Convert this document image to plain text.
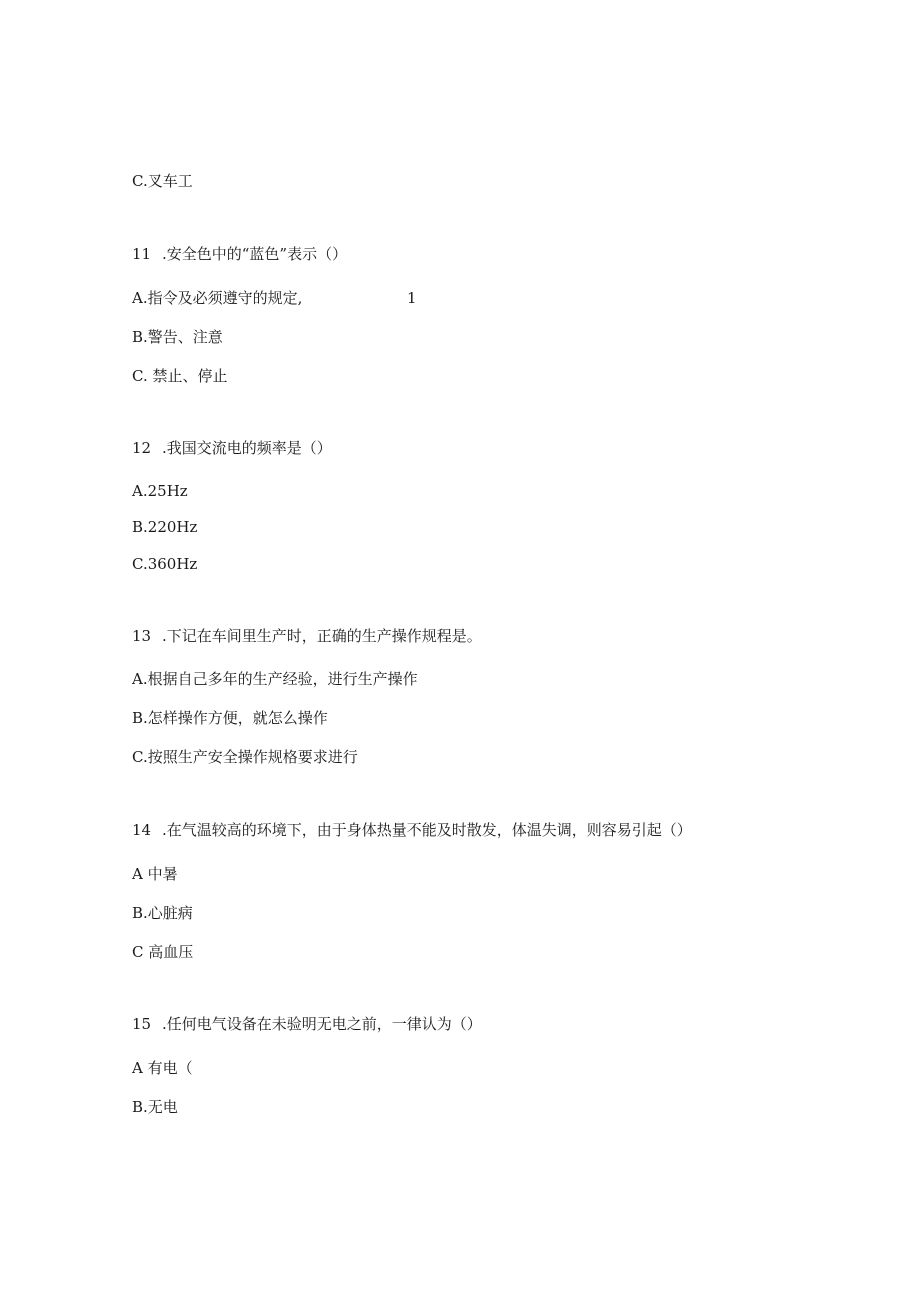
C.叉车工
11 .安全色中的“蓝色”表示（）
A.指令及必须遵守的规定,	1
B.警告、注意
C. 禁止、停止
12 .我国交流电的频率是（）
A.25Hz
B.220Hz
C.360Hz
13 .下记在车间里生产时，正确的生产操作规程是。
A.根据自己多年的生产经验，进行生产操作
B.怎样操作方便，就怎么操作
C.按照生产安全操作规格要求进行
14 .在气温较高的环境下，由于身体热量不能及时散发，体温失调，则容易引起（）
A 中暑
B.心脏病
C 高血压
15 .任何电气设备在未验明无电之前，一律认为（）
A 有电（
B.无电
